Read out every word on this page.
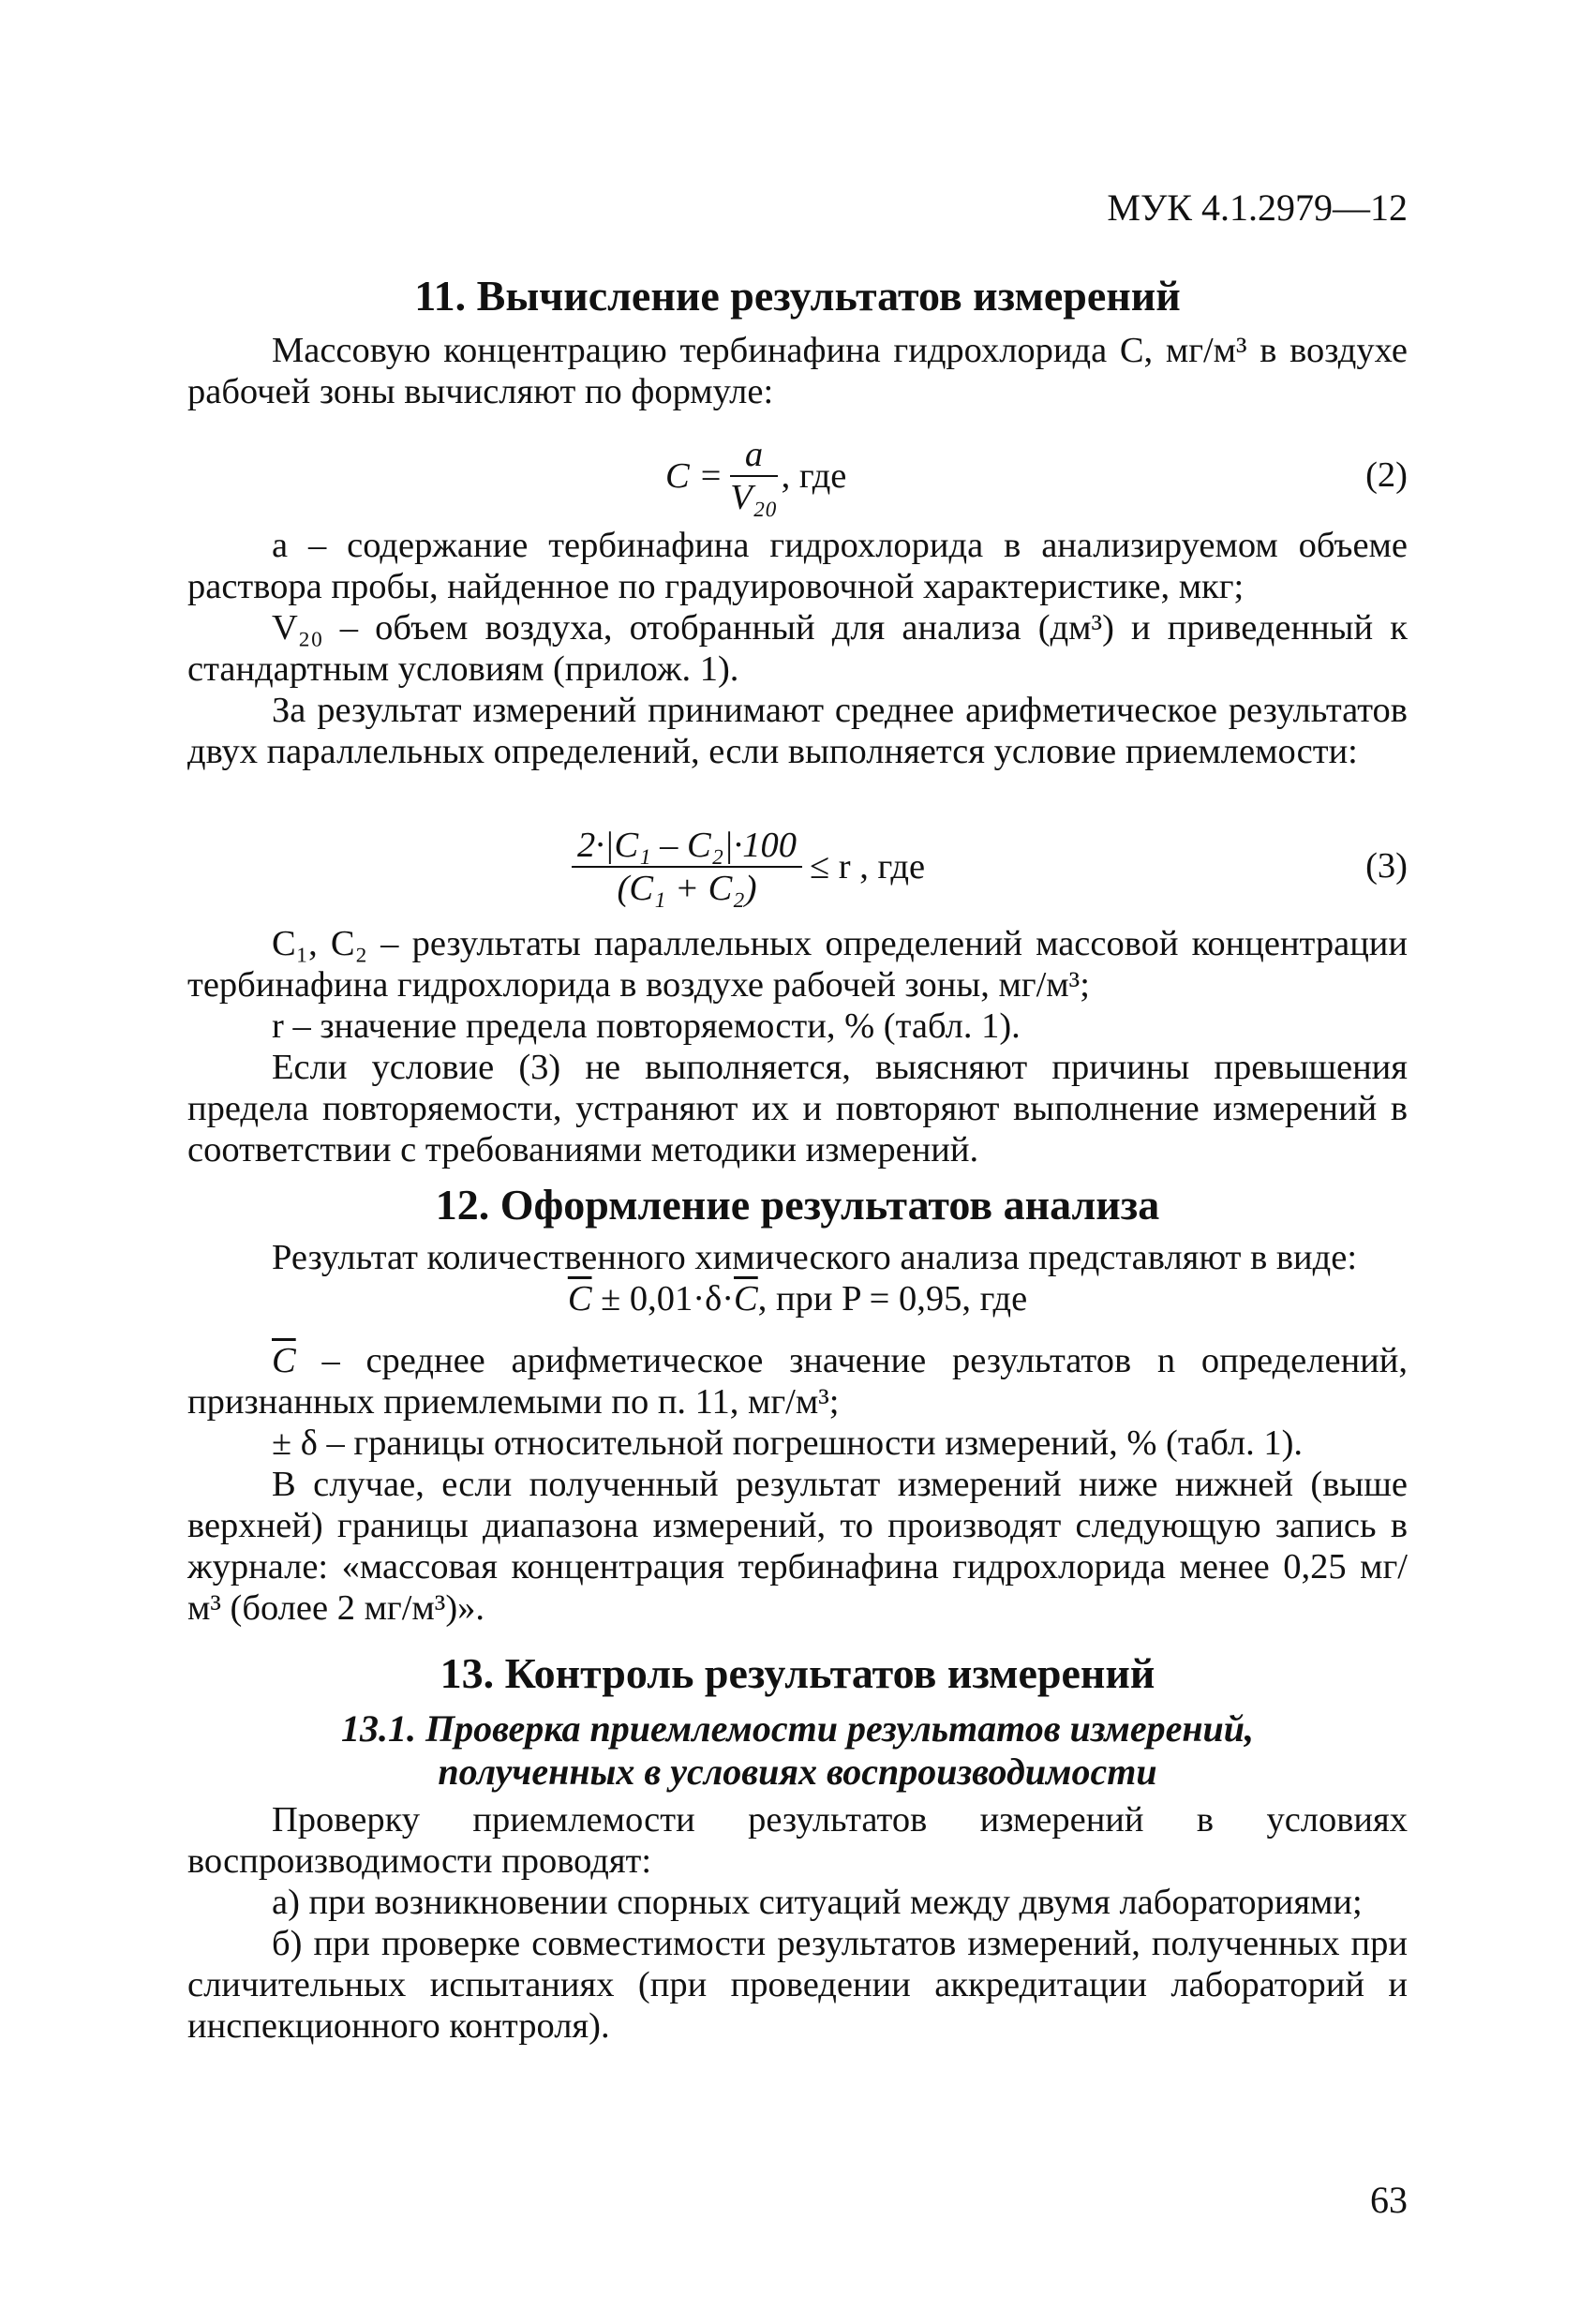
МУК 4.1.2979—12
11. Вычисление результатов измерений

Массовую концентрацию тербинафина гидрохлорида C, мг/м³ в воздухе рабочей зоны вычисляют по формуле:

$C = \frac{a}{\text{V₂₀}}$ , где	(2)

a – содержание тербинафина гидрохлорида в анализируемом объеме раствора пробы, найденное по градуировочной характеристике, мкг;

V₂₀ – объем воздуха, отобранный для анализа (дм³) и приведенный к стандартным условиям (прилож. 1).

За результат измерений принимают среднее арифметическое результатов двух параллельных определений, если выполняется условие приемлемости:

$\frac{\text{2·|C₁ – C₂|·100}}{\text{(C₁ + C₂)}} \le r$ , где	(3)

C₁, C₂ – результаты параллельных определений массовой концентрации тербинафина гидрохлорида в воздухе рабочей зоны, мг/м³;

r – значение предела повторяемости, % (табл. 1).

Если условие (3) не выполняется, выясняют причины превышения предела повторяемости, устраняют их и повторяют выполнение измерений в соответствии с требованиями методики измерений.

12. Оформление результатов анализа

Результат количественного химического анализа представляют в виде:

$\overline{C} \pm 0,01\cdot\delta\cdot\overline{C}$, при P = 0,95, где

$\overline{C}$ – среднее арифметическое значение результатов n определений, признанных приемлемыми по п. 11, мг/м³;

± δ – границы относительной погрешности измерений, % (табл. 1).

В случае, если полученный результат измерений ниже нижней (выше верхней) границы диапазона измерений, то производят следующую запись в журнале: «массовая концентрация тербинафина гидрохлорида менее 0,25 мг/м³ (более 2 мг/м³)».

13. Контроль результатов измерений
13.1. Проверка приемлемости результатов измерений,
полученных в условиях воспроизводимости

Проверку приемлемости результатов измерений в условиях воспроизводимости проводят:

а) при возникновении спорных ситуаций между двумя лабораториями;

б) при проверке совместимости результатов измерений, полученных при сличительных испытаниях (при проведении аккредитации лабораторий и инспекционного контроля).

63
